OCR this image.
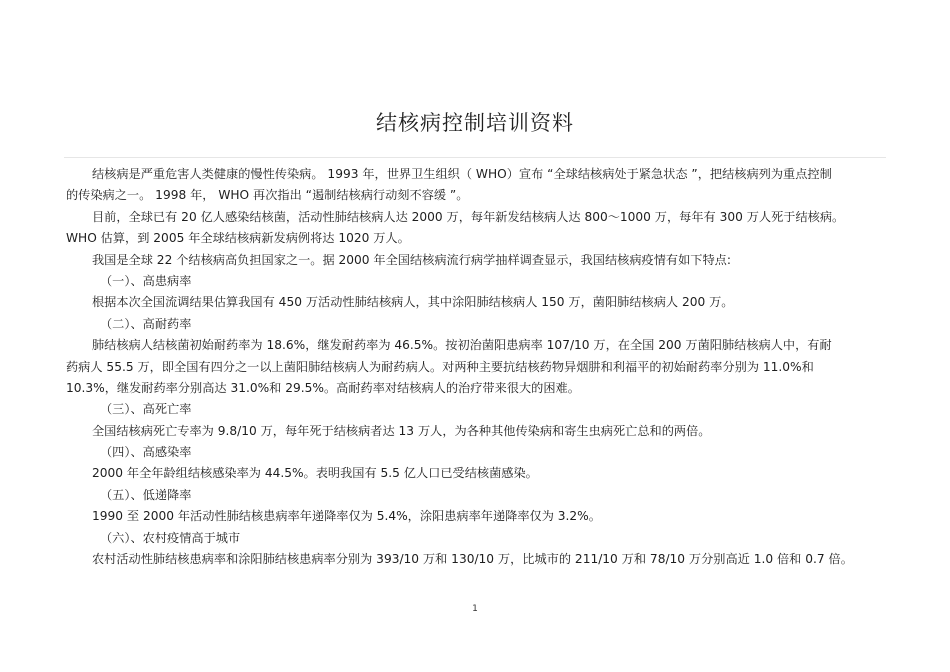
结核病控制培训资料
结核病是严重危害人类健康的慢性传染病。 1993 年，世界卫生组织（ WHO）宣布 “全球结核病处于紧急状态 ”，把结核病列为重点控制
的传染病之一。 1998 年， WHO 再次指出 “遏制结核病行动刻不容缓 ”。
目前，全球已有 20 亿人感染结核菌，活动性肺结核病人达 2000 万，每年新发结核病人达 800～1000 万，每年有 300 万人死于结核病。
WHO 估算，到 2005 年全球结核病新发病例将达 1020 万人。
我国是全球 22 个结核病高负担国家之一。据 2000 年全国结核病流行病学抽样调查显示，我国结核病疫情有如下特点:
（一）、高患病率
根据本次全国流调结果估算我国有 450 万活动性肺结核病人，其中涂阳肺结核病人 150 万，菌阳肺结核病人 200 万。
（二）、高耐药率
肺结核病人结核菌初始耐药率为 18.6%，继发耐药率为 46.5%。按初治菌阳患病率 107/10 万，在全国 200 万菌阳肺结核病人中，有耐
药病人 55.5 万，即全国有四分之一以上菌阳肺结核病人为耐药病人。对两种主要抗结核药物异烟肼和利福平的初始耐药率分别为 11.0%和
10.3%，继发耐药率分别高达 31.0%和 29.5%。高耐药率对结核病人的治疗带来很大的困难。
（三）、高死亡率
全国结核病死亡专率为 9.8/10 万，每年死于结核病者达 13 万人，为各种其他传染病和寄生虫病死亡总和的两倍。
（四）、高感染率
2000 年全年龄组结核感染率为 44.5%。表明我国有 5.5 亿人口已受结核菌感染。
（五）、低递降率
1990 至 2000 年活动性肺结核患病率年递降率仅为 5.4%，涂阳患病率年递降率仅为 3.2%。
（六）、农村疫情高于城市
农村活动性肺结核患病率和涂阳肺结核患病率分别为 393/10 万和 130/10 万，比城市的 211/10 万和 78/10 万分别高近 1.0 倍和 0.7 倍。
1
